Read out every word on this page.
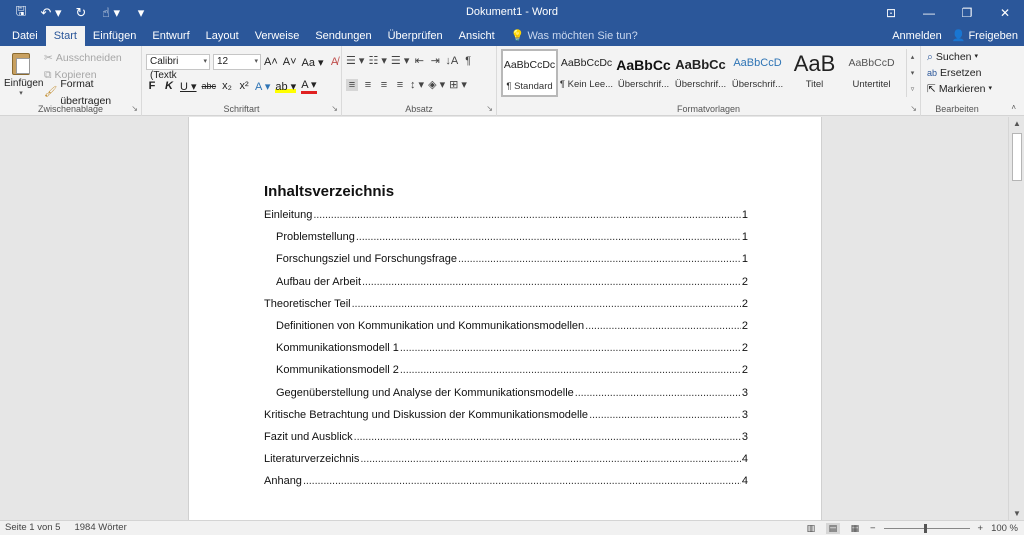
🖫	↶ ▾	↻	☝ ▾	▾	Dokument1 - Word	⊡	—	❐	✕
Datei	Start	Einfügen	Entwurf	Layout	Verweise	Sendungen	Überprüfen	Ansicht	💡 Was möchten Sie tun?	Anmelden 👤 Freigeben
Einfügen
▾
✂ Ausschneiden
⧉ Kopieren
🖌
Format übertragen
Zwischenablage	↘
Calibri (Textk
▾	12	▾ A˄ A˅ Aa ▾ A̸
F K U ▾ abc x₂ x² A ▾ ab ▾ A ▾
Schriftart	↘
☰ ▾ ☷ ▾ ☰ ▾ ⇤ ⇥ ↓A ¶
≡ ≡ ≡ ≡ ↕ ▾ ◈ ▾ ⊞ ▾
Absatz	↘
AaBbCcDc
¶ Standard
AaBbCcDc
¶ Kein Lee...
AaBbCc
Überschrif...
AaBbCc
Überschrif...
AaBbCcD
Überschrif...
AaB
Titel
AaBbCcD
Untertitel
Formatvorlagen	↘
▴
▾
▿
⌕ Suchen ▾
ab Ersetzen
⇱ Markieren ▾
Bearbeiten	˄
Inhaltsverzeichnis
Einleitung . . .	1
Problemstellung . . .	1
Forschungsziel und Forschungsfrage . . .	1
Aufbau der Arbeit . . .	2
Theoretischer Teil . . .	2
Definitionen von Kommunikation und Kommunikationsmodellen . . .	2
Kommunikationsmodell 1 . . .	2
Kommunikationsmodell 2 . . .	2
Gegenüberstellung und Analyse der Kommunikationsmodelle . . .	3
Kritische Betrachtung und Diskussion der Kommunikationsmodelle . . .	3
Fazit und Ausblick . . .	3
Literaturverzeichnis . . .	4
Anhang . . .	4
▲
▼
Seite 1 von 5 1984 Wörter	▥	▤	▦ −	+ 100 %
